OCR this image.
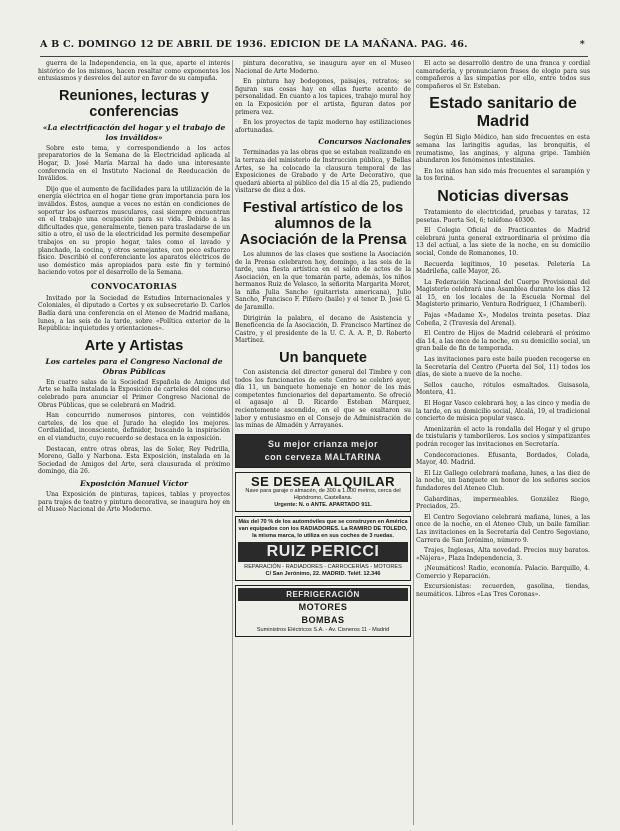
A B C. DOMINGO 12 DE ABRIL DE 1936. EDICION DE LA MAÑANA. PAG. 46.	*

guerra de la Independencia, en la que, aparte el interés histórico de los mismos, hacen resaltar como exponentes los entusiasmos y desvelos del autor en favor de su campaña.

Reuniones, lecturas y conferencias
«La electrificación del hogar y el trabajo de los inválidos»

Sobre este tema, y correspondiendo a los actos preparatorios de la Semana de la Electricidad aplicada al Hogar, D. José María Marzal ha dado una interesante conferencia en el Instituto Nacional de Reeducación de Inválidos.

Dijo que el aumento de facilidades para la utilización de la energía eléctrica en el hogar tiene gran importancia para los inválidos. Éstos, aunque a veces no están en condiciones de soportar los esfuerzos musculares, casi siempre encuentran en el trabajo una ocupación para su vida. Debido a las dificultades que, generalmente, tienen para trasladarse de un sitio a otro, el uso de la electricidad les permite desempeñar trabajos en su propio hogar, tales como el lavado y planchado, la cocina, y otros semejantes, con poco esfuerzo físico. Describió el conferenciante los aparatos eléctricos de uso doméstico más apropiados para este fin y terminó haciendo votos por el desarrollo de la Semana.

CONVOCATORIAS

Invitado por la Sociedad de Estudios Internacionales y Coloniales, el diputado a Cortes y ex subsecretario D. Carlos Badía dará una conferencia en el Ateneo de Madrid mañana, lunes, a las seis de la tarde, sobre «Política exterior de la República: inquietudes y orientaciones».

Arte y Artistas
Los carteles para el Congreso Nacional de Obras Públicas

En cuatro salas de la Sociedad Española de Amigos del Arte se halla instalada la Exposición de carteles del concurso celebrado para anunciar el Primer Congreso Nacional de Obras Públicas, que se celebrará en Madrid.

Han concurrido numerosos pintores, con veintidós carteles, de los que el Jurado ha elegido los mejores. Cordialidad, inconsciente, definidor, buscando la inspiración en el vianducto, cuyo recuerdo se destaca en la exposición.

Destacan, entre otras obras, las de Soler, Rey Pedrilla, Moreno, Gallo y Narbona. Esta Exposición, instalada en la Sociedad de Amigos del Arte, será clausurada el próximo domingo, día 26.

Exposición Manuel Víctor

Una Exposición de pinturas, tapices, tablas y proyectos para trajes de teatro y pintura decorativa, se inaugura hoy en el Museo Nacional de Arte Moderno.

pintura decorativa, se inaugura ayer en el Museo Nacional de Arte Moderno.

En pintura hay bodegones, paisajes, retratos; se figuran sus cosas hay en ellas fuerte acento de personalidad. En cuanto a los tapices, trabajo mural hoy en la Exposición por el artista, figuran datos por primera vez.

En los proyectos de tapiz moderno hay estilizaciones afortunadas.

Concursos Nacionales

Terminadas ya las obras que se estaban realizando en la terraza del ministerio de Instrucción pública, y Bellas Artes, se ha colocado la clausura temporal de las Exposiciones de Grabado y de Arte Decorativo, que quedará abierta al público del día 15 al día 25, pudiendo visitarse de diez a dos.

Festival artístico de los alumnos de la Asociación de la Prensa

Los alumnos de las clases que sostiene la Asociación de la Prensa celebraron hoy, domingo, a las seis de la tarde, una fiesta artística en el salón de actos de la Asociación, en la que tomarán parte, además, los niños hermanos Ruiz de Velasco, la señorita Margarita Moret, la niña Julia Sancho (guitarrista americana), Julio Sancho, Francisco F. Piñero (baile) y el tenor D. José G. de Jaramillo.

Dirigirán la palabra, el decano de Asistencia y Beneficencia de la Asociación, D. Francisco Martínez de Castro, y el presidente de la U. C. A. A. P., D. Roberto Martínez.

Un banquete

Con asistencia del director general del Timbre y con todos los funcionarios de este Centro se celebró ayer, día 11, un banquete homenaje en honor de los más competentes funcionarios del departamento. Se ofreció el agasajo al D. Ricardo Esteban Márquez, recientemente ascendido, en el que se exaltaron su labor y entusiasmo en el Consejo de Administración de las minas de Almadén y Arrayanes.

Su mejor crianza mejor
con cerveza MALTARINA
SE DESEA ALQUILAR
Nave para garaje o almacén, de 300 a 1.000 metros, cerca del Hipódromo, Castellana.
Urgente: N. o ANTE. APARTADO 911.
Más del 70 % de los automóviles que se construyen en América van equipados con los RADIADORES. La RAMIRO DE TOLEDO, la misma marca, lo utiliza en sus coches de 3 ruedas.
RUIZ PERICCI
REPARACIÓN - RADIADORES - CARROCERÍAS - MOTORES
C/ San Jerónimo, 22. MADRID. Teléf. 12.346
REFRIGERACIÓN
MOTORES
BOMBAS
Suministros Eléctricos S.A. - Av. Cisneros 11 - Madrid

El acto se desarrolló dentro de una franca y cordial camaradería, y pronunciaron frases de elogio para sus compañeros a las simpatías por ello, entre todos sus compañeros el Sr. Esteban.

Estado sanitario de Madrid

Según El Siglo Médico, han sido frecuentes en esta semana las laringitis agudas, las bronquitis, el reumatismo, las anginas, y alguna gripe. También abundaron los fenómenos intestinales.

En los niños han sido más frecuentes el sarampión y la tos ferina.

Noticias diversas

Tratamiento de electricidad, pruebas y taratas, 12 pesetas. Puerta Sol, 6; teléfono 40300.

El Colegio Oficial de Practicantes de Madrid celebrará junta general extraordinaria el próximo día 13 del actual, a las siete de la noche, en su domicilio social, Conde de Romanones, 10.

Recuerda legítimos, 10 pesetas. Peletería La Madrileña, calle Mayor, 26.

La Federación Nacional del Cuerpo Provisional del Magisterio celebrará una Asamblea durante los días 12 al 15, en los locales de la Escuela Normal del Magisterio primario, Ventura Rodríguez, 1 (Chamberí).

Fajas «Madame X», Modelos treinta pesetas. Díaz Cobeña, 2 (Travesía del Arenal).

El Centro de Hijos de Madrid celebrará el próximo día 14, a las once de la noche, en su domicilio social, un gran baile de fin de temporada.

Las invitaciones para este baile pueden recogerse en la Secretaría del Centro (Puerta del Sol, 11) todos los días, de siete a nueve de la noche.

Sellos caucho, rótulos esmaltados. Guisasola, Montera, 41.

El Hogar Vasco celebrará hoy, a las cinco y media de la tarde, en su domicilio social, Alcalá, 19, el tradicional concierto de música popular vasca.

Amenizarán el acto la rondalla del Hogar y el grupo de txistularis y tamborileros. Los socios y simpatizantes podrán recoger las invitaciones en Secretaría.

Condecoraciones. Efusanta, Bordados, Colada, Mayor, 40. Madrid.

El Liz Gallego celebrará mañana, lunes, a las diez de la noche, un banquete en honor de los señores socios fundadores del Ateneo Club.

Gabardinas, impermeables. González Riego, Preciados, 25.

El Centro Segoviano celebrará mañana, lunes, a las once de la noche, en el Ateneo Club, un baile familiar. Las invitaciones en la Secretaría del Centro Segoviano, Carrera de San Jerónimo, número 9.

Trajes, Inglesas, Alta novedad. Precios muy baratos. «Nájera», Plaza Independencia, 3.

¡Neumáticos! Radio, economía. Palacio. Barquillo, 4. Comercio y Reparación.

Excursionistas: recuerden, gasolina, tiendas, neumáticos. Libros «Las Tres Coronas».
